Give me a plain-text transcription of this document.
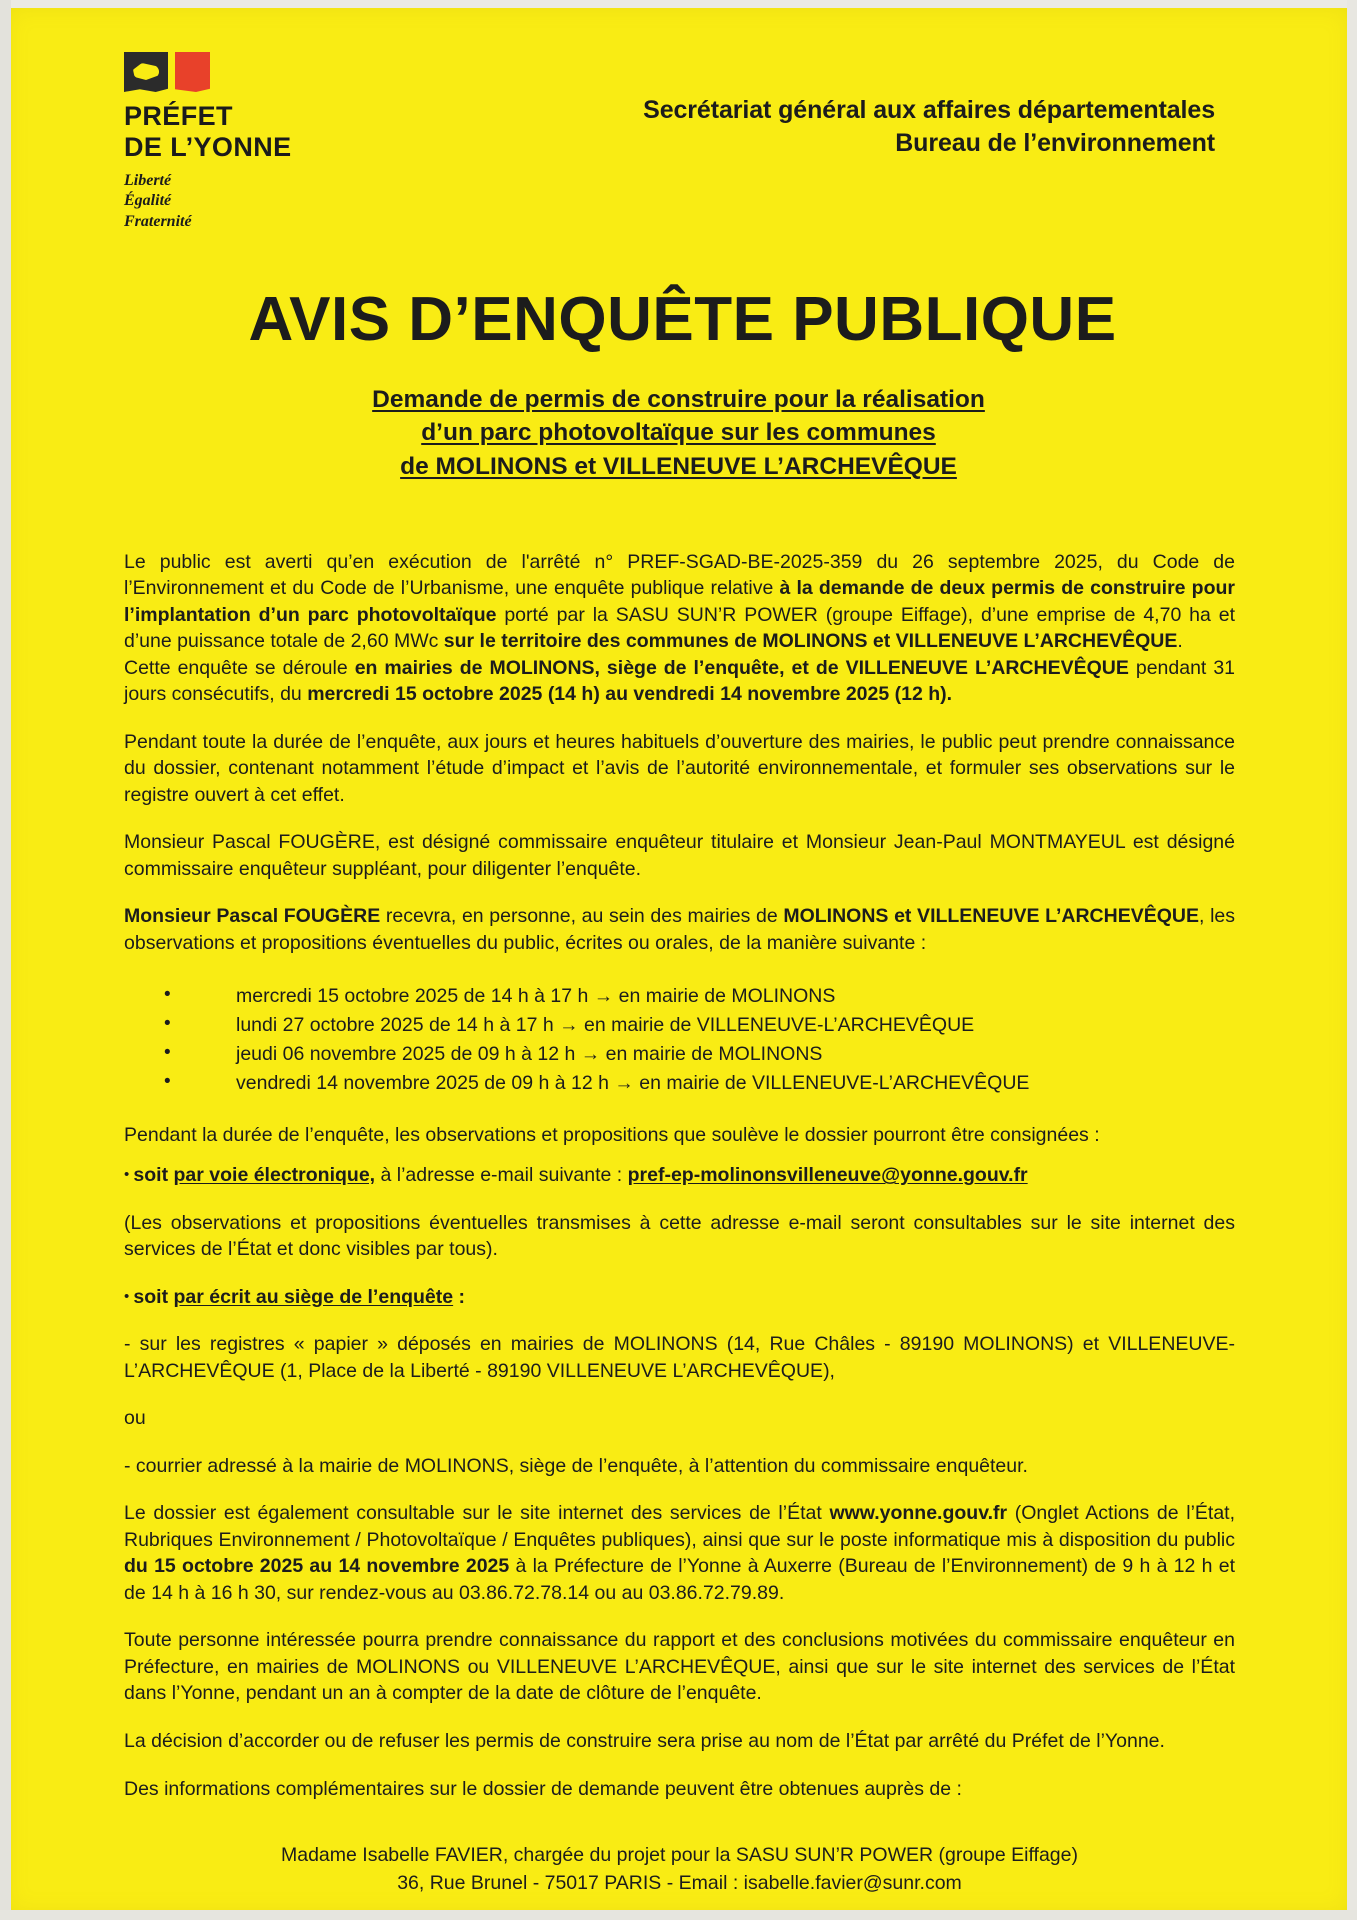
PRÉFET
DE L’YONNE
Liberté
Égalité
Fraternité
Secrétariat général aux affaires départementales
Bureau de l’environnement
AVIS D’ENQUÊTE PUBLIQUE
Demande de permis de construire pour la réalisation
d’un parc photovoltaïque sur les communes
de MOLINONS et VILLENEUVE L’ARCHEVÊQUE

Le public est averti qu’en exécution de l'arrêté n° PREF-SGAD-BE-2025-359 du 26 septembre 2025, du Code de l’Environnement et du Code de l’Urbanisme, une enquête publique relative à la demande de deux permis de construire pour l’implantation d’un parc photovoltaïque porté par la SASU SUN’R POWER (groupe Eiffage), d’une emprise de 4,70 ha et d’une puissance totale de 2,60 MWc sur le territoire des communes de MOLINONS et VILLENEUVE L’ARCHEVÊQUE.

Cette enquête se déroule en mairies de MOLINONS, siège de l’enquête, et de VILLENEUVE L’ARCHEVÊQUE pendant 31 jours consécutifs, du mercredi 15 octobre 2025 (14 h) au vendredi 14 novembre 2025 (12 h).

Pendant toute la durée de l’enquête, aux jours et heures habituels d’ouverture des mairies, le public peut prendre connaissance du dossier, contenant notamment l’étude d’impact et l’avis de l’autorité environnementale, et formuler ses observations sur le registre ouvert à cet effet.

Monsieur Pascal FOUGÈRE, est désigné commissaire enquêteur titulaire et Monsieur Jean-Paul MONTMAYEUL est désigné commissaire enquêteur suppléant, pour diligenter l’enquête.

Monsieur Pascal FOUGÈRE recevra, en personne, au sein des mairies de MOLINONS et VILLENEUVE L’ARCHEVÊQUE, les observations et propositions éventuelles du public, écrites ou orales, de la manière suivante :

• mercredi 15 octobre 2025 de 14 h à 17 h → en mairie de MOLINONS
• lundi 27 octobre 2025 de 14 h à 17 h → en mairie de VILLENEUVE-L’ARCHEVÊQUE
• jeudi 06 novembre 2025 de 09 h à 12 h → en mairie de MOLINONS
• vendredi 14 novembre 2025 de 09 h à 12 h → en mairie de VILLENEUVE-L’ARCHEVÊQUE

Pendant la durée de l’enquête, les observations et propositions que soulève le dossier pourront être consignées :

• soit par voie électronique, à l’adresse e-mail suivante : pref-ep-molinonsvilleneuve@yonne.gouv.fr

(Les observations et propositions éventuelles transmises à cette adresse e-mail seront consultables sur le site internet des services de l’État et donc visibles par tous).

• soit par écrit au siège de l’enquête :

- sur les registres « papier » déposés en mairies de MOLINONS (14, Rue Châles - 89190 MOLINONS) et VILLENEUVE-L’ARCHEVÊQUE (1, Place de la Liberté - 89190 VILLENEUVE L’ARCHEVÊQUE),

ou

- courrier adressé à la mairie de MOLINONS, siège de l’enquête, à l’attention du commissaire enquêteur.

Le dossier est également consultable sur le site internet des services de l’État www.yonne.gouv.fr (Onglet Actions de l’État, Rubriques Environnement / Photovoltaïque / Enquêtes publiques), ainsi que sur le poste informatique mis à disposition du public du 15 octobre 2025 au 14 novembre 2025 à la Préfecture de l’Yonne à Auxerre (Bureau de l’Environnement) de 9 h à 12 h et de 14 h à 16 h 30, sur rendez-vous au 03.86.72.78.14 ou au 03.86.72.79.89.

Toute personne intéressée pourra prendre connaissance du rapport et des conclusions motivées du commissaire enquêteur en Préfecture, en mairies de MOLINONS ou VILLENEUVE L’ARCHEVÊQUE, ainsi que sur le site internet des services de l’État dans l’Yonne, pendant un an à compter de la date de clôture de l’enquête.

La décision d’accorder ou de refuser les permis de construire sera prise au nom de l’État par arrêté du Préfet de l’Yonne.

Des informations complémentaires sur le dossier de demande peuvent être obtenues auprès de :

Madame Isabelle FAVIER, chargée du projet pour la SASU SUN’R POWER (groupe Eiffage)
36, Rue Brunel - 75017 PARIS - Email : isabelle.favier@sunr.com
